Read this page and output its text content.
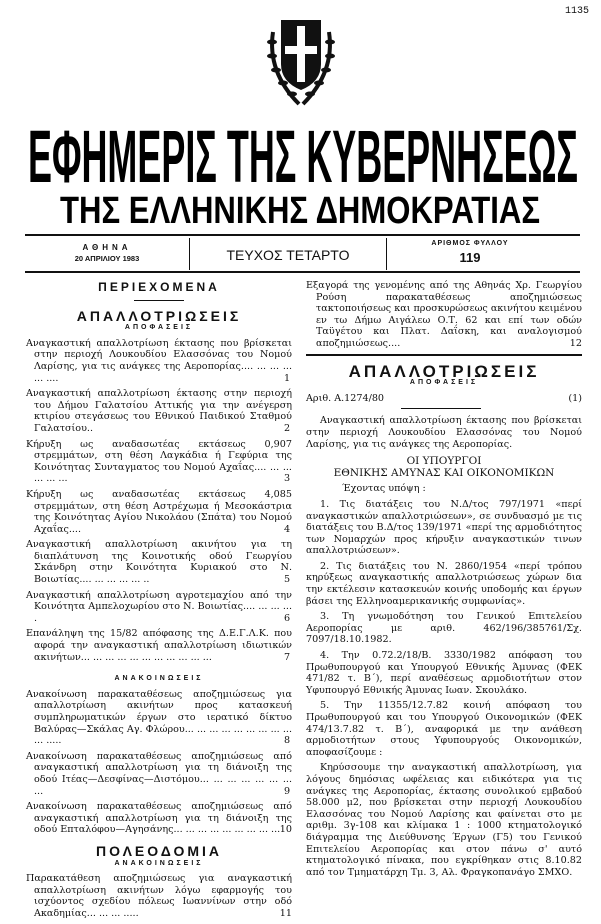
1135
ΕΦΗΜΕΡΙΣ ΤΗΣ ΚΥΒΕΡΝΗΣΕΩΣ
ΤΗΣ ΕΛΛΗΝΙΚΗΣ ΔΗΜΟΚΡΑΤΙΑΣ
ΑΘΗΝΑ
20 ΑΠΡΙΛΙΟΥ 1983	ΤΕΥΧΟΣ ΤΕΤΑΡΤΟ
ΑΡΙΘΜΟΣ ΦΥΛΛΟΥ
119
ΠΕΡΙΕΧΟΜΕΝΑ
ΑΠΑΛΛΟΤΡΙΩΣΕΙΣ
ΑΠΟΦΑΣΕΙΣ

Αναγκαστική απαλλοτρίωση έκτασης που βρίσκεται στην περιοχή Λουκουδίου Ελασσόνας του Νομού Λαρίσης, για τις ανάγκες της Αεροπορίας.... ... ... ... ... ....	1

Αναγκαστική απαλλοτρίωση έκτασης στην περιοχή του Δήμου Γαλατσίου Αττικής για την ανέγερση κτιρίου στεγάσεως του Εθνικού Παιδικού Σταθμού Γαλατσίου..	2

Κήρυξη ως αναδασωτέας εκτάσεως 0,907 στρεμμάτων, στη θέση Λαγκάδια ή Γεφύρια της Κοινότητας Συνταγματος του Νομού Αχαΐας.... ... ... ... ... ...	3

Κήρυξη ως αναδασωτέας εκτάσεως 4,085 στρεμμάτων, στη θέση Αστρέχωμα ή Μεσοκάστρια της Κοινότητας Αγίου Νικολάου (Σπάτα) του Νομού Αχαΐας....	4

Αναγκαστική απαλλοτρίωση ακινήτου για τη διαπλάτυνση της Κοινοτικής οδού Γεωργίου Σκάνδρη στην Κοινότητα Κυριακού στο Ν. Βοιωτίας.... ... ... ... ... ..	5

Αναγκαστική απαλλοτρίωση αγροτεμαχίου από την Κοινότητα Αμπελοχωρίου στο Ν. Βοιωτίας.... ... ... ... .	6

Επανάληψη της 15/82 απόφασης της Δ.Ε.Γ.Λ.Κ. που αφορά την αναγκαστική απαλλοτρίωση ιδιωτικών ακινήτων... ... ... ... ... ... ... ... ... ... ...	7

ΑΝΑΚΟΙΝΩΣΕΙΣ

Ανακοίνωση παρακαταθέσεως αποζημιώσεως για απαλλοτρίωση ακινήτων προς κατασκευή συμπληρωματικών έργων στο ιερατικό δίκτυο Βαλύρας—Σκάλας Αγ. Φλώρου... ... ... ... ... ... ... ... ... ... .....	8

Ανακοίνωση παρακαταθέσεως αποζημιώσεως από αναγκαστική απαλλοτρίωση για τη διάνοιξη της οδού Ιτέας—Δεσφίνας—Διστόμου... ... ... ... ... ... ... ...	9

Ανακοίνωση παρακαταθέσεως αποζημιώσεως από αναγκαστική απαλλοτρίωση για τη διάνοιξη της οδού Επταλόφου—Αγησάνης... ... ... ... ... ... ... ... ... 10

ΠΟΛΕΟΔΟΜΙΑ
ΑΝΑΚΟΙΝΩΣΕΙΣ

Παρακατάθεση αποζημιώσεως για αναγκαστική απαλλοτρίωση ακινήτων λόγω εφαρμογής του ισχύοντος σχεδίου πόλεως Ιωαννίνων στην οδό Ακαδημίας... ... ... .....	11

Εξαγορά της γενομένης από της Αθηνάς Χρ. Γεωργίου Ρούση παρακαταθέσεως αποζημιώσεως τακτοποιήσεως και προσκυρώσεως ακινήτου κειμένου εν τω Δήμω Αιγάλεω Ο.Τ. 62 και επί των οδών Ταϋγέτου και Πλατ. Δαΐσκη, και αναλογισμού αποζημιώσεως....	12

ΑΠΑΛΛΟΤΡΙΩΣΕΙΣ
ΑΠΟΦΑΣΕΙΣ

Αριθ. Α.1274/80	(1)

Αναγκαστική απαλλοτρίωση έκτασης που βρίσκεται στην περιοχή Λουκουδίου Ελασσόνας του Νομού Λαρίσης, για τις ανάγκες της Αεροπορίας.

ΟΙ ΥΠΟΥΡΓΟΙ

ΕΘΝΙΚΗΣ ΑΜΥΝΑΣ ΚΑΙ ΟΙΚΟΝΟΜΙΚΩΝ

Έχοντας υπόψη :

1. Τις διατάξεις του Ν.Δ/τος 797/1971 «περί αναγκαστικών απαλλοτριώσεων», σε συνδυασμό με τις διατάξεις του Β.Δ/τος 139/1971 «περί της αρμοδιότητος των Νομαρχών προς κήρυξιν αναγκαστικών τινων απαλλοτριώσεων».

2. Τις διατάξεις του Ν. 2860/1954 «περί τρόπου κηρύξεως αναγκαστικής απαλλοτριώσεως χώρων δια την εκτέλεσιν κατασκευών κοινής υποδομής και έργων βάσει της Ελληνοαμερικανικής συμφωνίας».

3. Τη γνωμοδότηση του Γενικού Επιτελείου Αεροπορίας με αριθ. 462/196/385761/Σχ. 7097/18.10.1982.

4. Την 0.72.2/18/Β. 3330/1982 απόφαση του Πρωθυπουργού και Υπουργού Εθνικής Άμυνας (ΦΕΚ 471/82 τ. Β΄), περί αναθέσεως αρμοδιοτήτων στον Υφυπουργό Εθνικής Άμυνας Ιωαν. Σκουλάκο.

5. Την 11355/12.7.82 κοινή απόφαση του Πρωθυπουργού και του Υπουργού Οικονομικών (ΦΕΚ 474/13.7.82 τ. Β΄), αναφορικά με την ανάθεση αρμοδιοτήτων στους Υφυπουργούς Οικονομικών, αποφασίζουμε :

Κηρύσσουμε την αναγκαστική απαλλοτρίωση, για λόγους δημόσιας ωφέλειας και ειδικότερα για τις ανάγκες της Αεροπορίας, έκτασης συνολικού εμβαδού 58.000 μ2, που βρίσκεται στην περιοχή Λουκουδίου Ελασσόνας του Νομού Λαρίσης και φαίνεται στο με αριθμ. 3γ-108 και κλίμακα 1 : 1000 κτηματολογικό διάγραμμα της Διεύθυνσης Έργων (Γ5) του Γενικού Επιτελείου Αεροπορίας και στον πάνω σ' αυτό κτηματολογικό πίνακα, που εγκρίθηκαν στις 8.10.82 από τον Τμηματάρχη Τμ. 3, Αλ. Φραγκοπανάγο ΣΜΧΟ.
